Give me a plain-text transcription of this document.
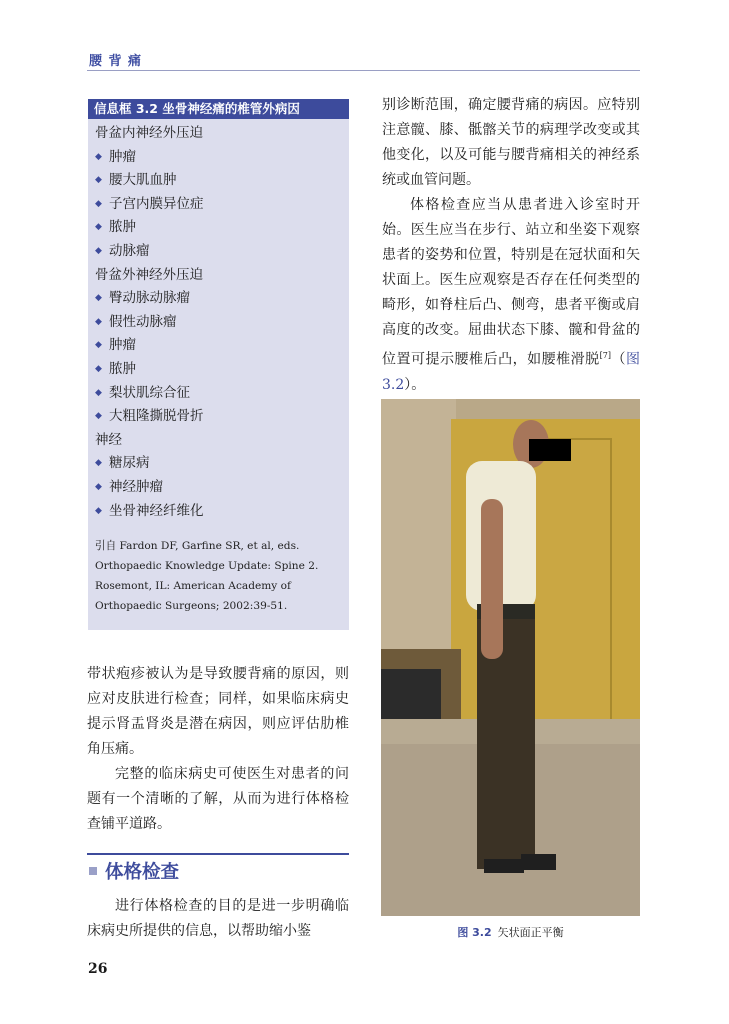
腰 背 痛
信息框 3.2 坐骨神经痛的椎管外病因
骨盆内神经外压迫
◆ 肿瘤
◆ 腰大肌血肿
◆ 子宫内膜异位症
◆ 脓肿
◆ 动脉瘤
骨盆外神经外压迫
◆ 臀动脉动脉瘤
◆ 假性动脉瘤
◆ 肿瘤
◆ 脓肿
◆ 梨状肌综合征
◆ 大粗隆撕脱骨折
神经
◆ 糖尿病
◆ 神经肿瘤
◆ 坐骨神经纤维化
引自 Fardon DF, Garfine SR, et al, eds. Orthopaedic Knowledge Update: Spine 2. Rosemont, IL: American Academy of Orthopaedic Surgeons; 2002:39-51.

带状疱疹被认为是导致腰背痛的原因，则应对皮肤进行检查；同样，如果临床病史提示肾盂肾炎是潜在病因，则应评估肋椎角压痛。

完整的临床病史可使医生对患者的问题有一个清晰的了解，从而为进行体格检查铺平道路。

体格检查

进行体格检查的目的是进一步明确临床病史所提供的信息，以帮助缩小鉴

别诊断范围，确定腰背痛的病因。应特别注意髋、膝、骶髂关节的病理学改变或其他变化，以及可能与腰背痛相关的神经系统或血管问题。

体格检查应当从患者进入诊室时开始。医生应当在步行、站立和坐姿下观察患者的姿势和位置，特别是在冠状面和矢状面上。医生应观察是否存在任何类型的畸形，如脊柱后凸、侧弯，患者平衡或肩高度的改变。屈曲状态下膝、髋和骨盆的位置可提示腰椎后凸，如腰椎滑脱[7]（图 3.2）。

图 3.2 矢状面正平衡
26
